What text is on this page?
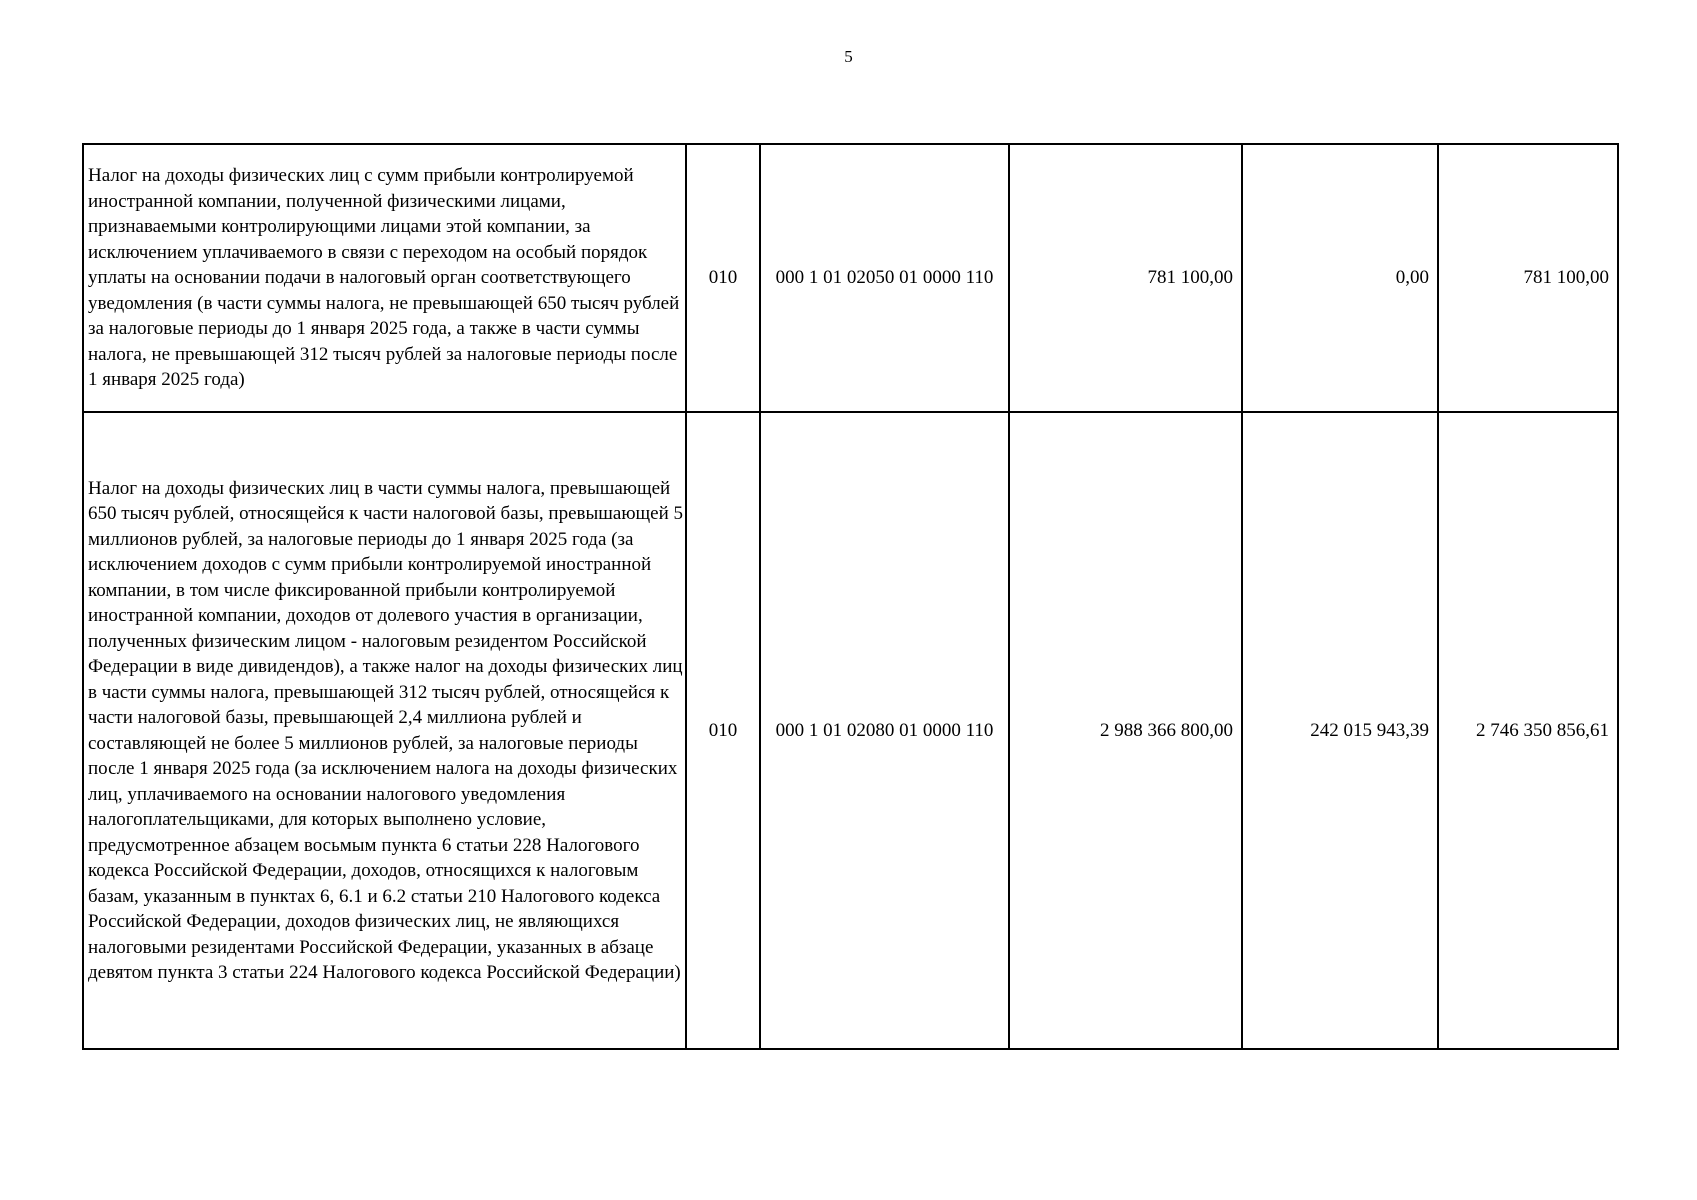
5
Налог на доходы физических лиц с сумм прибыли контролируемой иностранной компании, полученной физическими лицами, признаваемыми контролирующими лицами этой компании, за исключением уплачиваемого в связи с переходом на особый порядок уплаты на основании подачи в налоговый орган соответствующего уведомления (в части суммы налога, не превышающей 650 тысяч рублей за налоговые периоды до 1 января 2025 года, а также в части суммы налога, не превышающей 312 тысяч рублей за налоговые периоды после 1 января 2025 года)	010	000 1 01 02050 01 0000 110	781 100,00	0,00	781 100,00
Налог на доходы физических лиц в части суммы налога, превышающей 650 тысяч рублей, относящейся к части налоговой базы, превышающей 5 миллионов рублей, за налоговые периоды до 1 января 2025 года (за исключением доходов с сумм прибыли контролируемой иностранной компании, в том числе фиксированной прибыли контролируемой иностранной компании, доходов от долевого участия в организации, полученных физическим лицом - налоговым резидентом Российской Федерации в виде дивидендов), а также налог на доходы физических лиц в части суммы налога, превышающей 312 тысяч рублей, относящейся к части налоговой базы, превышающей 2,4 миллиона рублей и составляющей не более 5 миллионов рублей, за налоговые периоды после 1 января 2025 года (за исключением налога на доходы физических лиц, уплачиваемого на основании налогового уведомления налогоплательщиками, для которых выполнено условие, предусмотренное абзацем восьмым пункта 6 статьи 228 Налогового кодекса Российской Федерации, доходов, относящихся к налоговым базам, указанным в пунктах 6, 6.1 и 6.2 статьи 210 Налогового кодекса Российской Федерации, доходов физических лиц, не являющихся налоговыми резидентами Российской Федерации, указанных в абзаце девятом пункта 3 статьи 224 Налогового кодекса Российской Федерации)	010	000 1 01 02080 01 0000 110	2 988 366 800,00	242 015 943,39	2 746 350 856,61
